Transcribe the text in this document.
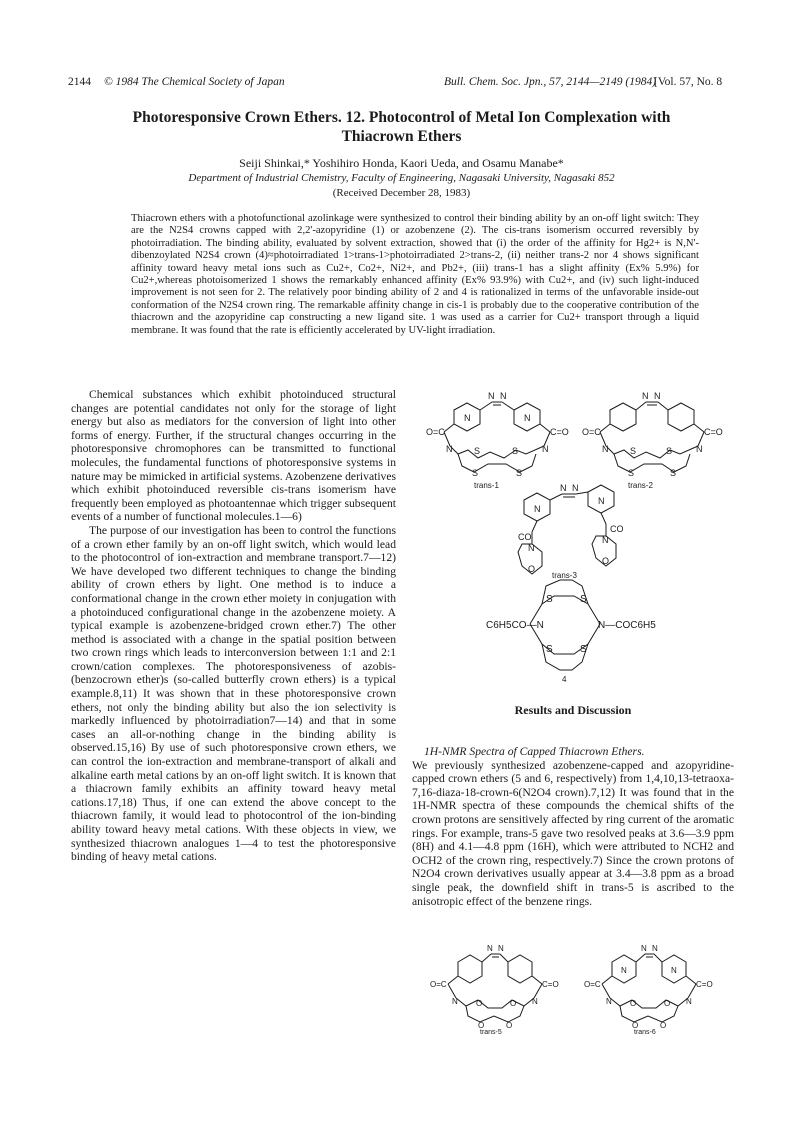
2144 © 1984 The Chemical Society of Japan	Bull. Chem. Soc. Jpn., 57, 2144—2149 (1984)
[Vol. 57, No. 8
Photoresponsive Crown Ethers. 12. Photocontrol of Metal Ion Complexation with Thiacrown Ethers
Seiji Shinkai,* Yoshihiro Honda, Kaori Ueda, and Osamu Manabe*
Department of Industrial Chemistry, Faculty of Engineering, Nagasaki University, Nagasaki 852
(Received December 28, 1983)
Thiacrown ethers with a photofunctional azolinkage were synthesized to control their binding ability by an on-off light switch: They are the N2S4 crowns capped with 2,2'-azopyridine (1) or azobenzene (2). The cis-trans isomerism occurred reversibly by photoirradiation. The binding ability, evaluated by solvent extraction, showed that (i) the order of the affinity for Hg2+ is N,N'-dibenzoylated N2S4 crown (4)≈photoirradiated 1>trans-1>photoirradiated 2>trans-2, (ii) neither trans-2 nor 4 shows significant affinity toward heavy metal ions such as Cu2+, Co2+, Ni2+, and Pb2+, (iii) trans-1 has a slight affinity (Ex% 5.9%) for Cu2+,whereas photoisomerized 1 shows the remarkably enhanced affinity (Ex% 93.9%) with Cu2+, and (iv) such light-induced improvement is not seen for 2. The relatively poor binding ability of 2 and 4 is rationalized in terms of the unfavorable inside-out conformation of the N2S4 crown ring. The remarkable affinity change in cis-1 is probably due to the cooperative contribution of the thiacrown and the azopyridine cap constructing a new ligand site. 1 was used as a carrier for Cu2+ transport through a liquid membrane. It was found that the rate is efficiently accelerated by UV-light irradiation.

Chemical substances which exhibit photoinduced structural changes are potential candidates not only for the storage of light energy but also as mediators for the conversion of light into other forms of energy. Further, if the structural changes occurring in the photoresponsive chromophores can be transmitted to functional molecules, the fundamental functions of photoresponsive systems in nature may be mimicked in artificial systems. Azobenzene derivatives which exhibit photoinduced reversible cis-trans isomerism have frequently been employed as photoantennae which trigger subsequent events of a number of functional molecules.1—6)

The purpose of our investigation has been to control the functions of a crown ether family by an on-off light switch, which would lead to the photocontrol of ion-extraction and membrane transport.7—12) We have developed two different techniques to change the binding ability of crown ethers by light. One method is to induce a conformational change in the crown ether moiety in conjugation with a photoinduced configurational change in the azobenzene moiety. A typical example is azobenzene-bridged crown ether.7) The other method is associated with a change in the spatial position between two crown rings which leads to interconversion between 1:1 and 2:1 crown/cation complexes. The photoresponsiveness of azobis-(benzocrown ether)s (so-called butterfly crown ethers) is a typical example.8,11) It was shown that in these photoresponsive crown ethers, not only the binding ability but also the ion selectivity is markedly influenced by photoirradiation7—14) and that in some cases an all-or-nothing change in the binding ability is observed.15,16) By use of such photoresponsive crown ethers, we can control the ion-extraction and membrane-transport of alkali and alkaline earth metal cations by an on-off light switch. It is known that a thiacrown family exhibits an affinity toward heavy metal cations.17,18) Thus, if one can extend the above concept to the thiacrown family, it would lead to photocontrol of the ion-binding ability toward heavy metal cations. With these objects in view, we synthesized thiacrown analogues 1—4 to test the photoresponsive binding of heavy metal cations.

N	N
N N
O=C	C=O
N	N
S	S
S	S
trans-1
N N
O=C	C=O
N	N
S	S
S	S
trans-2
N
N
N N
CO
CO
N
N
O
O
trans-3
S	S
S	S
C6H5CO—N	N—COC6H5
4
Results and Discussion
1H-NMR Spectra of Capped Thiacrown Ethers.

We previously synthesized azobenzene-capped and azopyridine-capped crown ethers (5 and 6, respectively) from 1,4,10,13-tetraoxa-7,16-diaza-18-crown-6(N2O4 crown).7,12) It was found that in the 1H-NMR spectra of these compounds the chemical shifts of the crown protons are sensitively affected by ring current of the aromatic rings. For example, trans-5 gave two resolved peaks at 3.6—3.9 ppm (8H) and 4.1—4.8 ppm (16H), which were attributed to NCH2 and OCH2 of the crown ring, respectively.7) Since the crown protons of N2O4 crown derivatives usually appear at 3.4—3.8 ppm as a broad single peak, the downfield shift in trans-5 is ascribed to the anisotropic effect of the benzene rings.

N N
O=C	C=O
N	N
O	O
O	O
trans-5
N	N
N N
O=C	C=O
N	N
O	O
O	O
trans-6
